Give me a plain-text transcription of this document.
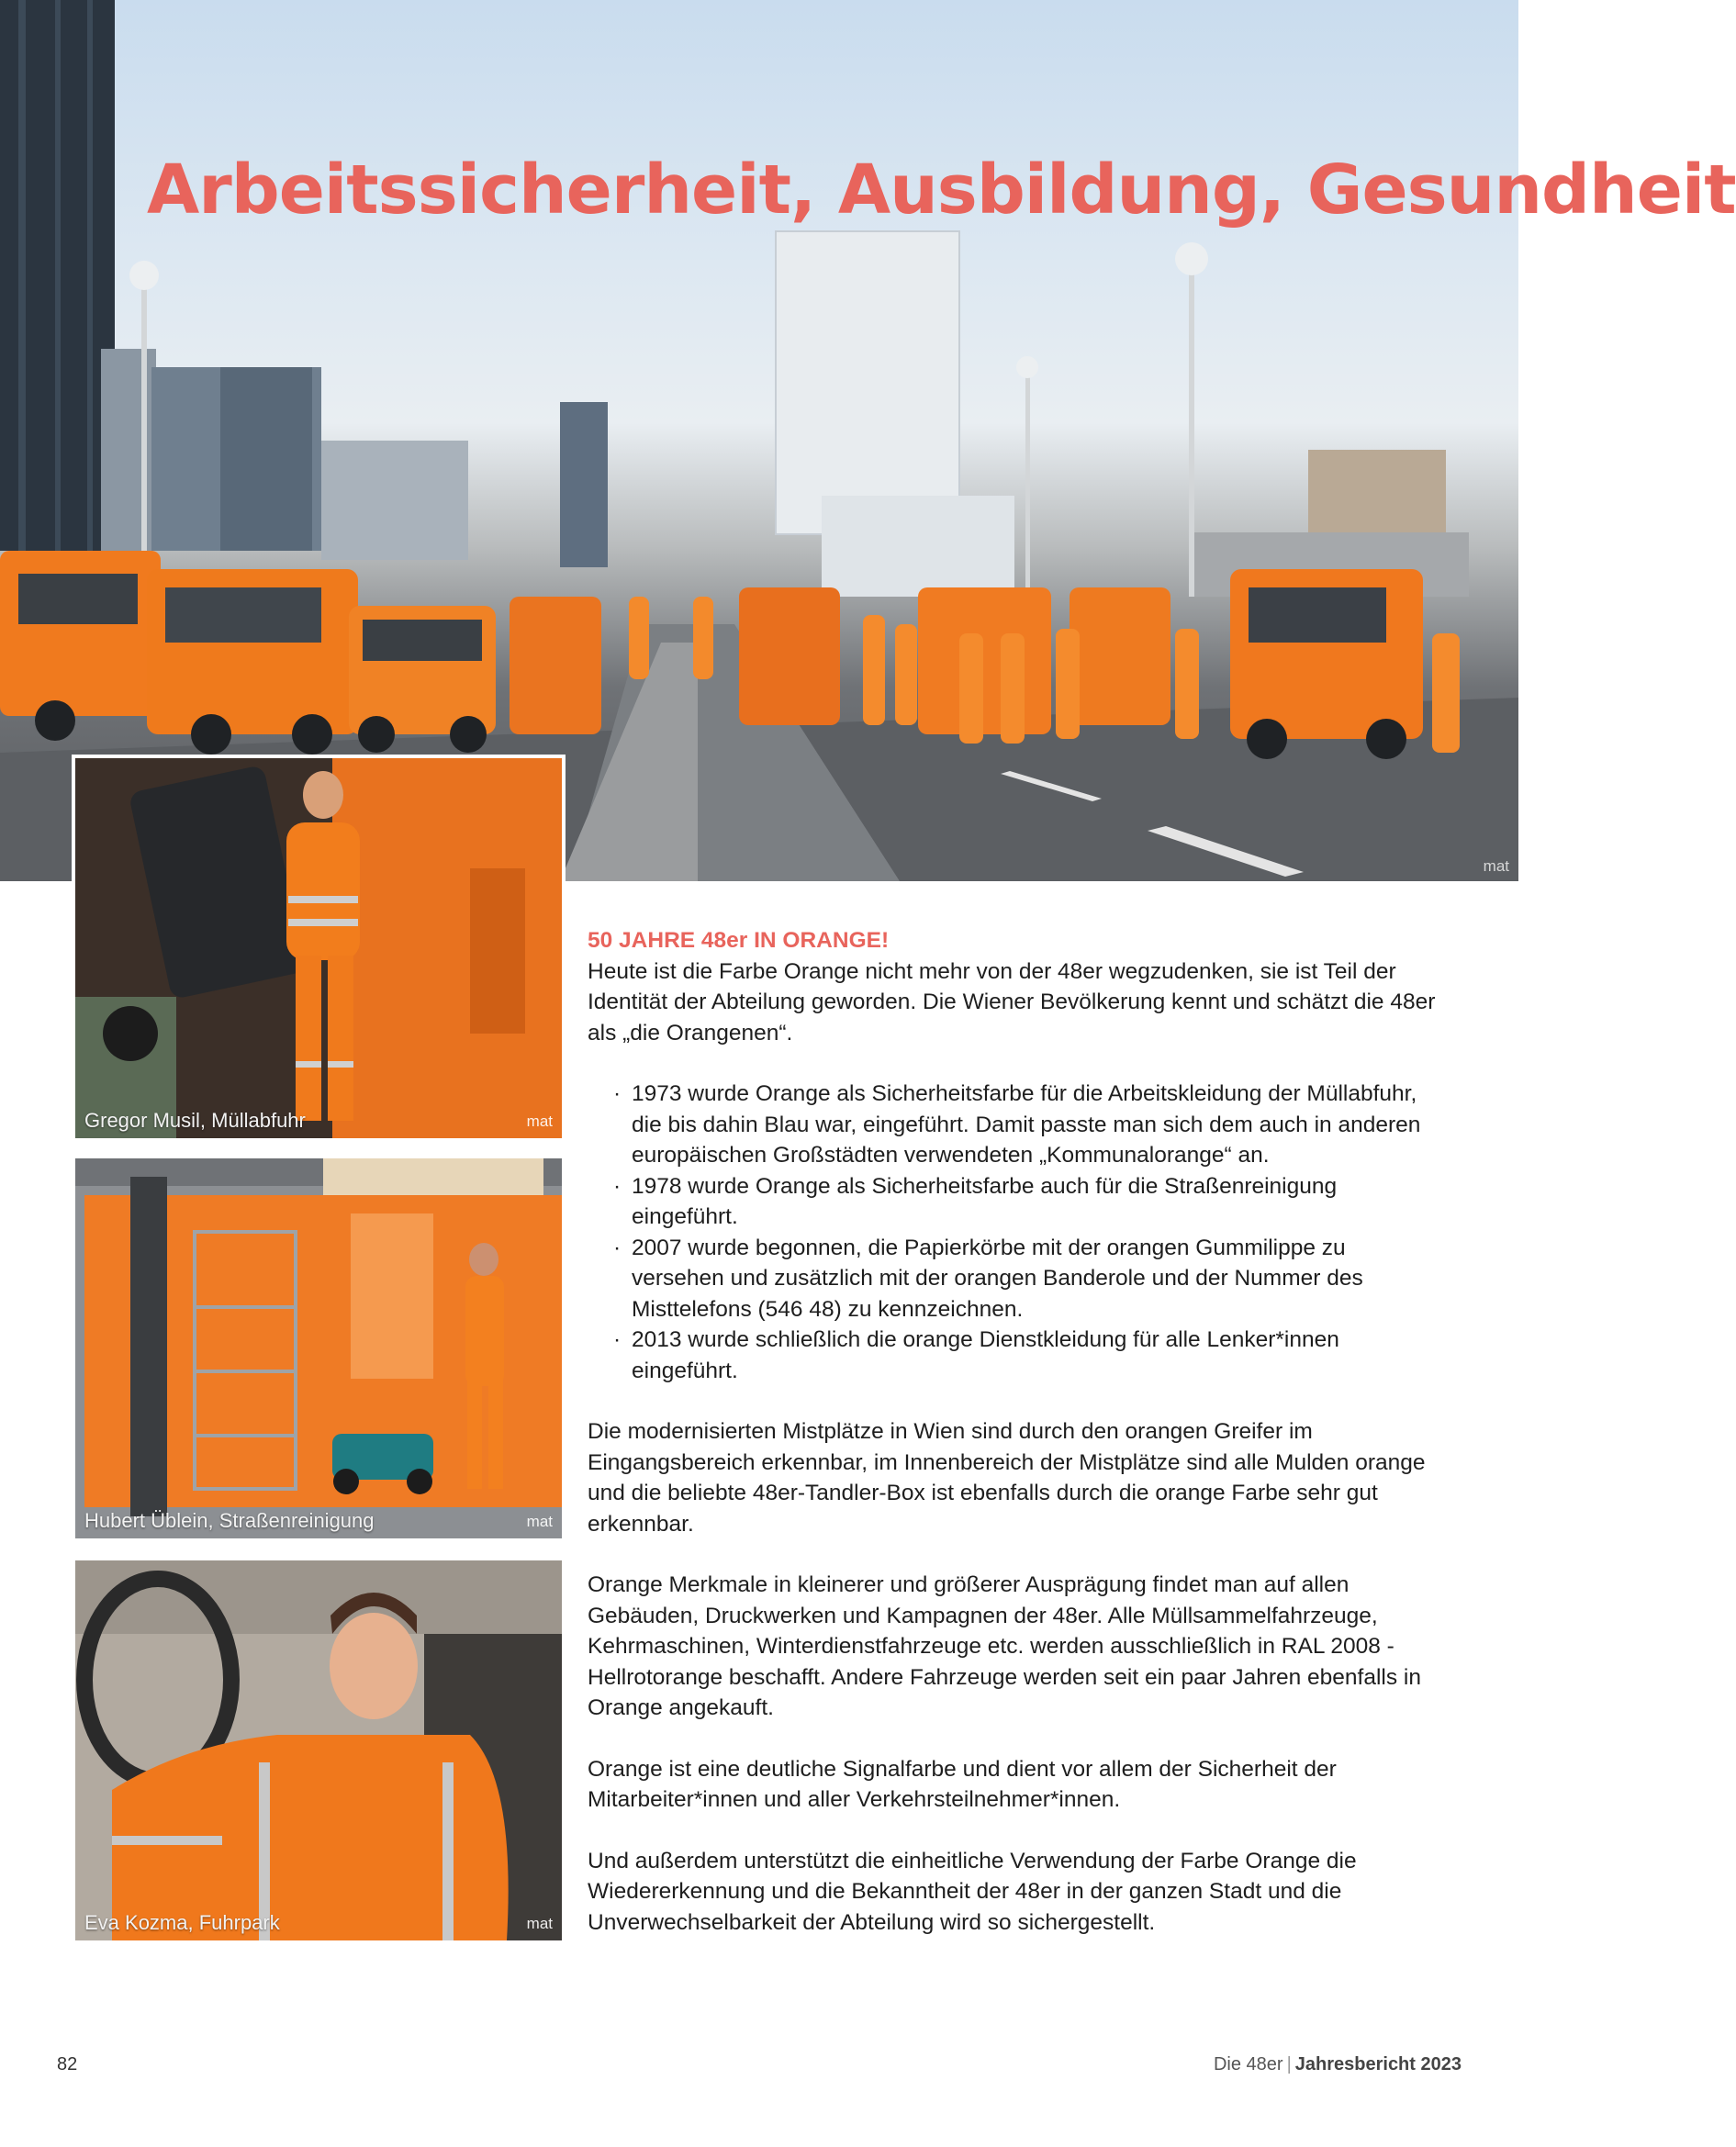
Arbeitssicherheit, Ausbildung, Gesundheit
mat
Gregor Musil, Müllabfuhr	mat
Hubert Üblein, Straßenreinigung	mat
Eva Kozma, Fuhrpark	mat
50 JAHRE 48er IN ORANGE!

Heute ist die Farbe Orange nicht mehr von der 48er wegzudenken, sie ist Teil der Identität der Abteilung geworden. Die Wiener Bevölkerung kennt und schätzt die 48er als „die Orangenen“.

· 1973 wurde Orange als Sicherheitsfarbe für die Arbeitskleidung der Müllabfuhr, die bis dahin Blau war, eingeführt. Damit passte man sich dem auch in anderen europäischen Großstädten verwendeten „Kommunalorange“ an.
· 1978 wurde Orange als Sicherheitsfarbe auch für die Straßenreinigung eingeführt.
· 2007 wurde begonnen, die Papierkörbe mit der orangen Gummilippe zu versehen und zusätzlich mit der orangen Banderole und der Nummer des Misttelefons (546 48) zu kennzeichnen.
· 2013 wurde schließlich die orange Dienstkleidung für alle Lenker*innen eingeführt.

Die modernisierten Mistplätze in Wien sind durch den orangen Greifer im Eingangsbereich erkennbar, im Innenbereich der Mistplätze sind alle Mulden orange und die beliebte 48er-Tandler-Box ist ebenfalls durch die orange Farbe sehr gut erkennbar.

Orange Merkmale in kleinerer und größerer Ausprägung findet man auf allen Gebäuden, Druckwerken und Kampagnen der 48er. Alle Müllsammelfahrzeuge, Kehrmaschinen, Winterdienstfahrzeuge etc. werden ausschließlich in RAL 2008 - Hellrotorange beschafft. Andere Fahrzeuge werden seit ein paar Jahren ebenfalls in Orange angekauft.

Orange ist eine deutliche Signalfarbe und dient vor allem der Sicherheit der Mitarbeiter*innen und aller Verkehrsteilnehmer*innen.

Und außerdem unterstützt die einheitliche Verwendung der Farbe Orange die Wiedererkennung und die Bekanntheit der 48er in der ganzen Stadt und die Unverwechselbarkeit der Abteilung wird so sichergestellt.

82	Die 48er | Jahresbericht 2023
